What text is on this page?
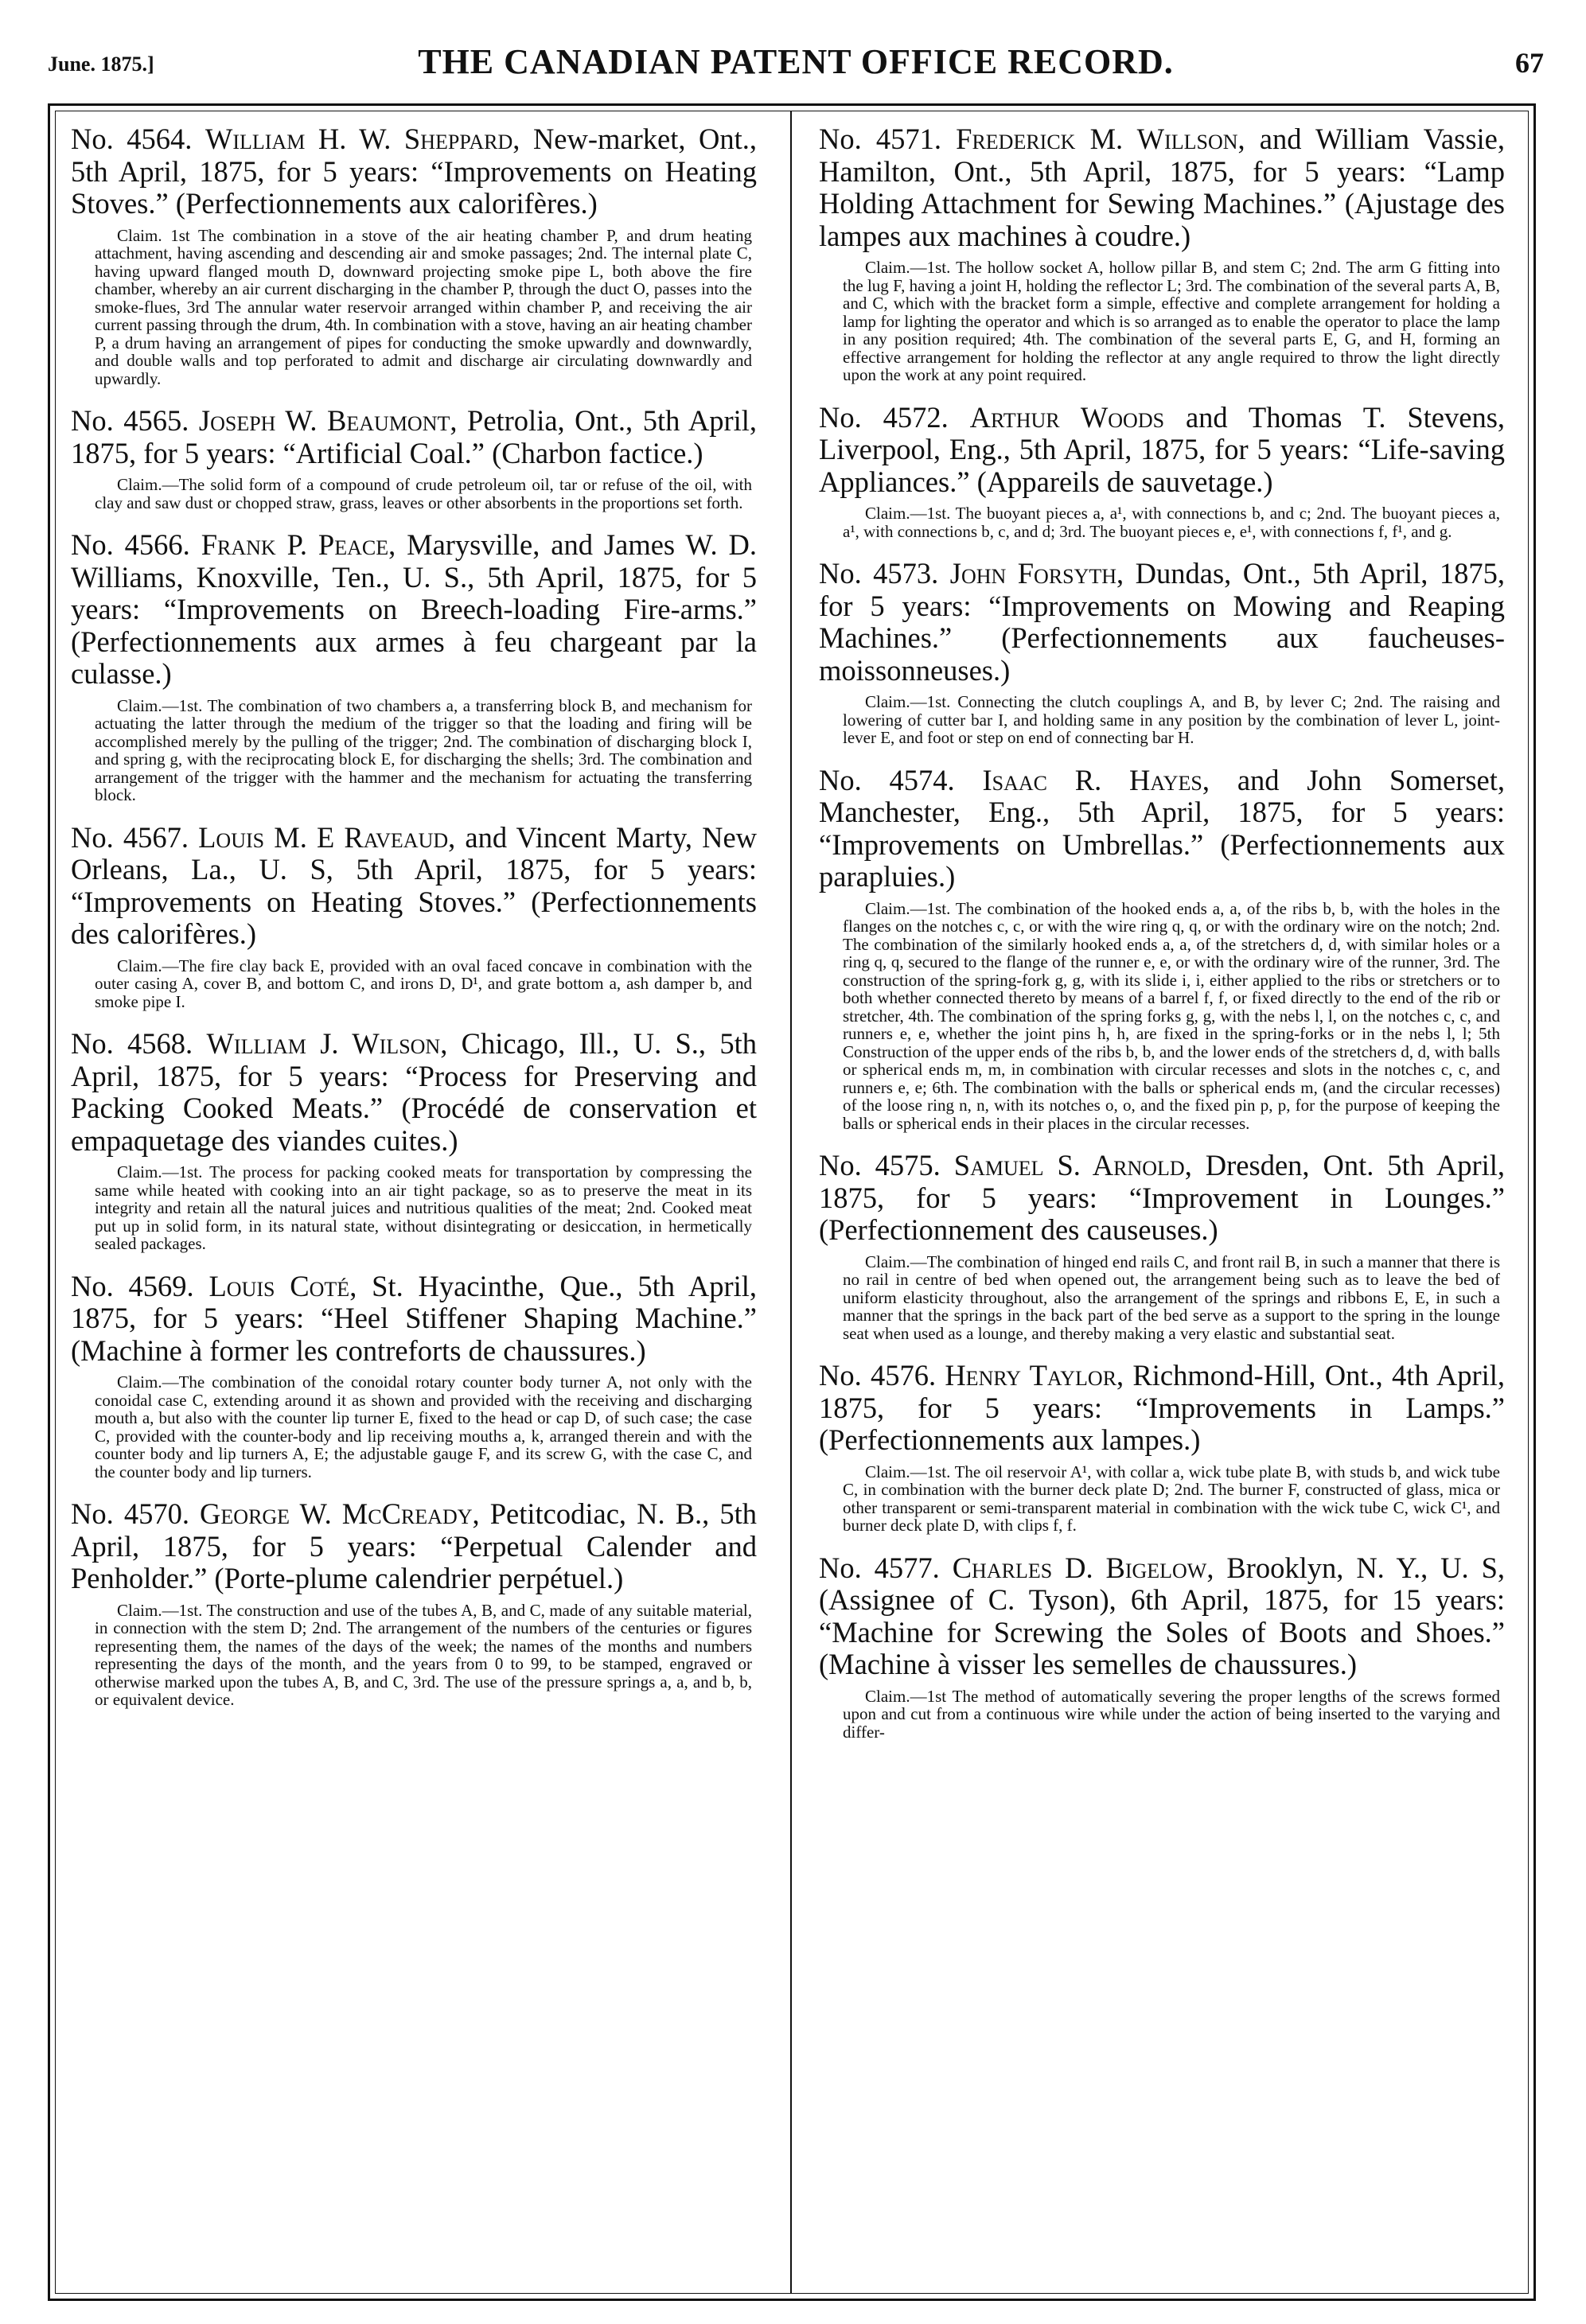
June. 1875.]	THE CANADIAN PATENT OFFICE RECORD.	67

No. 4564. William H. W. Sheppard, New-market, Ont., 5th April, 1875, for 5 years: “Improvements on Heating Stoves.” (Perfectionnements aux calorifères.)

Claim. 1st The combination in a stove of the air heating chamber P, and drum heating attachment, having ascending and descending air and smoke passages; 2nd. The internal plate C, having upward flanged mouth D, downward projecting smoke pipe L, both above the fire chamber, whereby an air current discharging in the chamber P, through the duct O, passes into the smoke-flues, 3rd The annular water reservoir arranged within chamber P, and receiving the air current passing through the drum, 4th. In combination with a stove, having an air heating chamber P, a drum having an arrangement of pipes for conducting the smoke upwardly and downwardly, and double walls and top perforated to admit and discharge air circulating downwardly and upwardly.

No. 4565. Joseph W. Beaumont, Petrolia, Ont., 5th April, 1875, for 5 years: “Artificial Coal.” (Charbon factice.)

Claim.—The solid form of a compound of crude petroleum oil, tar or refuse of the oil, with clay and saw dust or chopped straw, grass, leaves or other absorbents in the proportions set forth.

No. 4566. Frank P. Peace, Marysville, and James W. D. Williams, Knoxville, Ten., U. S., 5th April, 1875, for 5 years: “Improvements on Breech-loading Fire-arms.” (Perfectionnements aux armes à feu chargeant par la culasse.)

Claim.—1st. The combination of two chambers a, a transferring block B, and mechanism for actuating the latter through the medium of the trigger so that the loading and firing will be accomplished merely by the pulling of the trigger; 2nd. The combination of discharging block I, and spring g, with the reciprocating block E, for discharging the shells; 3rd. The combination and arrangement of the trigger with the hammer and the mechanism for actuating the transferring block.

No. 4567. Louis M. E Raveaud, and Vincent Marty, New Orleans, La., U. S, 5th April, 1875, for 5 years: “Improvements on Heating Stoves.” (Perfectionnements des calorifères.)

Claim.—The fire clay back E, provided with an oval faced concave in combination with the outer casing A, cover B, and bottom C, and irons D, D¹, and grate bottom a, ash damper b, and smoke pipe I.

No. 4568. William J. Wilson, Chicago, Ill., U. S., 5th April, 1875, for 5 years: “Process for Preserving and Packing Cooked Meats.” (Procédé de conservation et empaquetage des viandes cuites.)

Claim.—1st. The process for packing cooked meats for transportation by compressing the same while heated with cooking into an air tight package, so as to preserve the meat in its integrity and retain all the natural juices and nutritious qualities of the meat; 2nd. Cooked meat put up in solid form, in its natural state, without disintegrating or desiccation, in hermetically sealed packages.

No. 4569. Louis Coté, St. Hyacinthe, Que., 5th April, 1875, for 5 years: “Heel Stiffener Shaping Machine.” (Machine à former les contreforts de chaussures.)

Claim.—The combination of the conoidal rotary counter body turner A, not only with the conoidal case C, extending around it as shown and provided with the receiving and discharging mouth a, but also with the counter lip turner E, fixed to the head or cap D, of such case; the case C, provided with the counter-body and lip receiving mouths a, k, arranged therein and with the counter body and lip turners A, E; the adjustable gauge F, and its screw G, with the case C, and the counter body and lip turners.

No. 4570. George W. McCready, Petitcodiac, N. B., 5th April, 1875, for 5 years: “Perpetual Calender and Penholder.” (Porte-plume calendrier perpétuel.)

Claim.—1st. The construction and use of the tubes A, B, and C, made of any suitable material, in connection with the stem D; 2nd. The arrangement of the numbers of the centuries or figures representing them, the names of the days of the week; the names of the months and numbers representing the days of the month, and the years from 0 to 99, to be stamped, engraved or otherwise marked upon the tubes A, B, and C, 3rd. The use of the pressure springs a, a, and b, b, or equivalent device.

No. 4571. Frederick M. Willson, and William Vassie, Hamilton, Ont., 5th April, 1875, for 5 years: “Lamp Holding Attachment for Sewing Machines.” (Ajustage des lampes aux machines à coudre.)

Claim.—1st. The hollow socket A, hollow pillar B, and stem C; 2nd. The arm G fitting into the lug F, having a joint H, holding the reflector L; 3rd. The combination of the several parts A, B, and C, which with the bracket form a simple, effective and complete arrangement for holding a lamp for lighting the operator and which is so arranged as to enable the operator to place the lamp in any position required; 4th. The combination of the several parts E, G, and H, forming an effective arrangement for holding the reflector at any angle required to throw the light directly upon the work at any point required.

No. 4572. Arthur Woods and Thomas T. Stevens, Liverpool, Eng., 5th April, 1875, for 5 years: “Life-saving Appliances.” (Appareils de sauvetage.)

Claim.—1st. The buoyant pieces a, a¹, with connections b, and c; 2nd. The buoyant pieces a, a¹, with connections b, c, and d; 3rd. The buoyant pieces e, e¹, with connections f, f¹, and g.

No. 4573. John Forsyth, Dundas, Ont., 5th April, 1875, for 5 years: “Improvements on Mowing and Reaping Machines.” (Perfectionnements aux faucheuses-moissonneuses.)

Claim.—1st. Connecting the clutch couplings A, and B, by lever C; 2nd. The raising and lowering of cutter bar I, and holding same in any position by the combination of lever L, joint-lever E, and foot or step on end of connecting bar H.

No. 4574. Isaac R. Hayes, and John Somerset, Manchester, Eng., 5th April, 1875, for 5 years: “Improvements on Umbrellas.” (Perfectionnements aux parapluies.)

Claim.—1st. The combination of the hooked ends a, a, of the ribs b, b, with the holes in the flanges on the notches c, c, or with the wire ring q, q, or with the ordinary wire on the notch; 2nd. The combination of the similarly hooked ends a, a, of the stretchers d, d, with similar holes or a ring q, q, secured to the flange of the runner e, e, or with the ordinary wire of the runner, 3rd. The construction of the spring-fork g, g, with its slide i, i, either applied to the ribs or stretchers or to both whether connected thereto by means of a barrel f, f, or fixed directly to the end of the rib or stretcher, 4th. The combination of the spring forks g, g, with the nebs l, l, on the notches c, c, and runners e, e, whether the joint pins h, h, are fixed in the spring-forks or in the nebs l, l; 5th Construction of the upper ends of the ribs b, b, and the lower ends of the stretchers d, d, with balls or spherical ends m, m, in combination with circular recesses and slots in the notches c, c, and runners e, e; 6th. The combination with the balls or spherical ends m, (and the circular recesses) of the loose ring n, n, with its notches o, o, and the fixed pin p, p, for the purpose of keeping the balls or spherical ends in their places in the circular recesses.

No. 4575. Samuel S. Arnold, Dresden, Ont. 5th April, 1875, for 5 years: “Improvement in Lounges.” (Perfectionnement des causeuses.)

Claim.—The combination of hinged end rails C, and front rail B, in such a manner that there is no rail in centre of bed when opened out, the arrangement being such as to leave the bed of uniform elasticity throughout, also the arrangement of the springs and ribbons E, E, in such a manner that the springs in the back part of the bed serve as a support to the spring in the lounge seat when used as a lounge, and thereby making a very elastic and substantial seat.

No. 4576. Henry Taylor, Richmond-Hill, Ont., 4th April, 1875, for 5 years: “Improvements in Lamps.” (Perfectionnements aux lampes.)

Claim.—1st. The oil reservoir A¹, with collar a, wick tube plate B, with studs b, and wick tube C, in combination with the burner deck plate D; 2nd. The burner F, constructed of glass, mica or other transparent or semi-transparent material in combination with the wick tube C, wick C¹, and burner deck plate D, with clips f, f.

No. 4577. Charles D. Bigelow, Brooklyn, N. Y., U. S, (Assignee of C. Tyson), 6th April, 1875, for 15 years: “Machine for Screwing the Soles of Boots and Shoes.” (Machine à visser les semelles de chaussures.)

Claim.—1st The method of automatically severing the proper lengths of the screws formed upon and cut from a continuous wire while under the action of being inserted to the varying and differ-
